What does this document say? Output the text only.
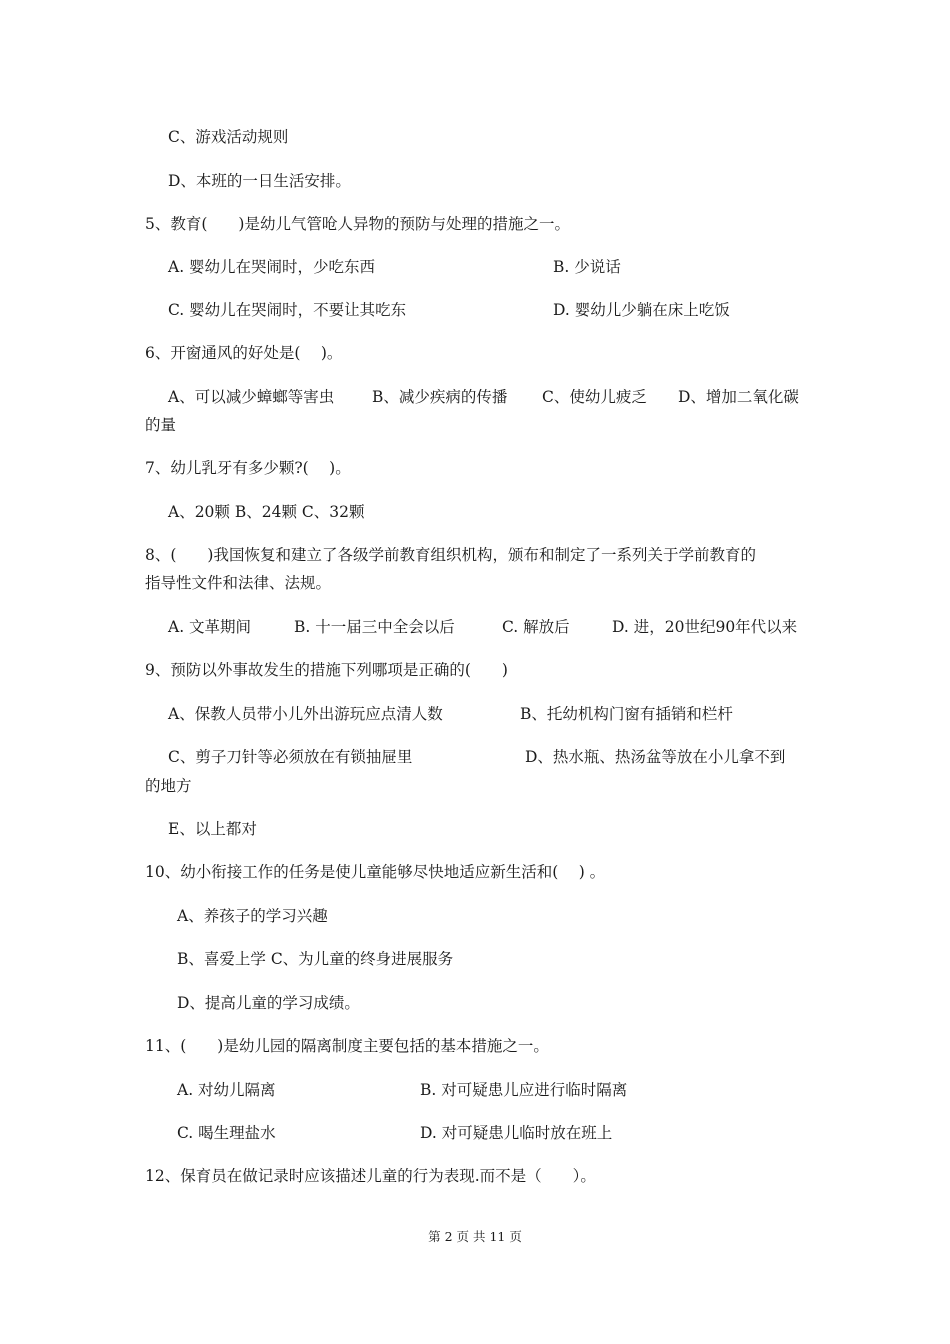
C、游戏活动规则
D、本班的一日生活安排。
5、教育(　　)是幼儿气管呛人异物的预防与处理的措施之一。
A. 婴幼儿在哭闹时，少吃东西	B. 少说话
C. 婴幼儿在哭闹时，不要让其吃东	D. 婴幼儿少躺在床上吃饭
6、开窗通风的好处是(　 )。
A、可以减少蟑螂等害虫 B、减少疾病的传播 C、使幼儿疲乏 D、增加二氧化碳
的量
7、幼儿乳牙有多少颗?(　 )。
A、20颗 B、24颗 C、32颗
8、(　　)我国恢复和建立了各级学前教育组织机构，颁布和制定了一系列关于学前教育的
指导性文件和法律、法规。
A. 文革期间	B. 十一届三中全会以后	C. 解放后	D. 进，20世纪90年代以来
9、预防以外事故发生的措施下列哪项是正确的(　　)
A、保教人员带小儿外出游玩应点清人数	B、托幼机构门窗有插销和栏杆
C、剪子刀针等必须放在有锁抽屉里	D、热水瓶、热汤盆等放在小儿拿不到
的地方
E、以上都对
10、幼小衔接工作的任务是使儿童能够尽快地适应新生活和(　 ) 。
A、养孩子的学习兴趣
B、喜爱上学 C、为儿童的终身进展服务
D、提高儿童的学习成绩。
11、(　　)是幼儿园的隔离制度主要包括的基本措施之一。
A. 对幼儿隔离	B. 对可疑患儿应进行临时隔离
C. 喝生理盐水	D. 对可疑患儿临时放在班上
12、保育员在做记录时应该描述儿童的行为表现.而不是（　　）。
第 2 页 共 11 页
